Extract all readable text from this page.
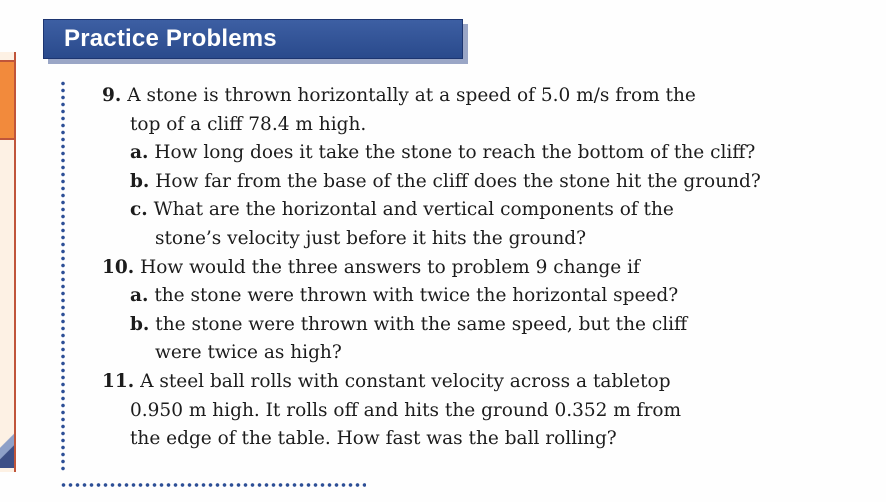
Practice Problems
9. A stone is thrown horizontally at a speed of 5.0 m/s from the
top of a cliff 78.4 m high.
a. How long does it take the stone to reach the bottom of the cliff?
b. How far from the base of the cliff does the stone hit the ground?
c. What are the horizontal and vertical components of the
stone’s velocity just before it hits the ground?
10. How would the three answers to problem 9 change if
a. the stone were thrown with twice the horizontal speed?
b. the stone were thrown with the same speed, but the cliff
were twice as high?
11. A steel ball rolls with constant velocity across a tabletop
0.950 m high. It rolls off and hits the ground 0.352 m from
the edge of the table. How fast was the ball rolling?
